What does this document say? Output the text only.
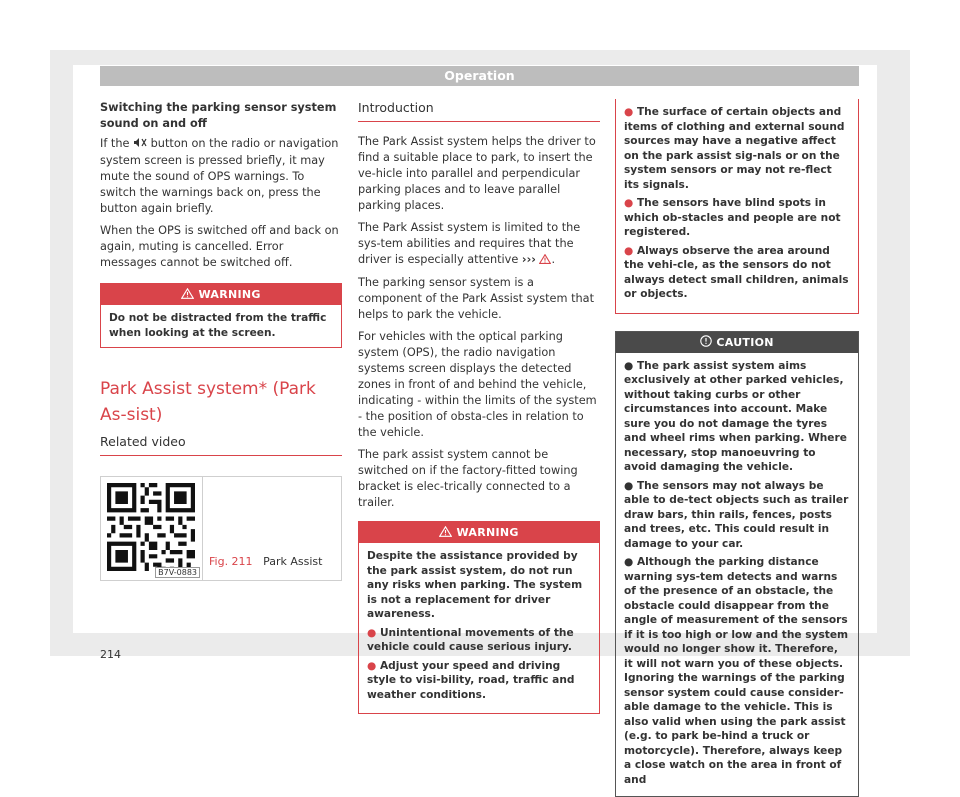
Operation
Switching the parking sensor system sound on and off

If the button on the radio or navigation system screen is pressed briefly, it may mute the sound of OPS warnings. To switch the warnings back on, press the button again briefly.

When the OPS is switched off and back on again, muting is cancelled. Error messages cannot be switched off.

WARNING
Do not be distracted from the traffic when looking at the screen.
Park Assist system* (Park As-sist)
Related video
B7V-0883
Fig. 211 Park Assist
Introduction

The Park Assist system helps the driver to find a suitable place to park, to insert the ve-hicle into parallel and perpendicular parking places and to leave parallel parking places.

The Park Assist system is limited to the sys-tem abilities and requires that the driver is especially attentive ››› .

The parking sensor system is a component of the Park Assist system that helps to park the vehicle.

For vehicles with the optical parking system (OPS), the radio navigation systems screen displays the detected zones in front of and behind the vehicle, indicating - within the limits of the system - the position of obsta-cles in relation to the vehicle.

The park assist system cannot be switched on if the factory-fitted towing bracket is elec-trically connected to a trailer.

WARNING
Despite the assistance provided by the park assist system, do not run any risks when parking. The system is not a replacement for driver awareness.
● Unintentional movements of the vehicle could cause serious injury.
● Adjust your speed and driving style to visi-bility, road, traffic and weather conditions.
● The surface of certain objects and items of clothing and external sound sources may have a negative affect on the park assist sig-nals or on the system sensors or may not re-flect its signals.
● The sensors have blind spots in which ob-stacles and people are not registered.
● Always observe the area around the vehi-cle, as the sensors do not always detect small children, animals or objects.
CAUTION
● The park assist system aims exclusively at other parked vehicles, without taking curbs or other circumstances into account. Make sure you do not damage the tyres and wheel rims when parking. Where necessary, stop manoeuvring to avoid damaging the vehicle.
● The sensors may not always be able to de-tect objects such as trailer draw bars, thin rails, fences, posts and trees, etc. This could result in damage to your car.
● Although the parking distance warning sys-tem detects and warns of the presence of an obstacle, the obstacle could disappear from the angle of measurement of the sensors if it is too high or low and the system would no longer show it. Therefore, it will not warn you of these objects. Ignoring the warnings of the parking sensor system could cause consider-able damage to the vehicle. This is also valid when using the park assist (e.g. to park be-hind a truck or motorcycle). Therefore, always keep a close watch on the area in front of and
214
